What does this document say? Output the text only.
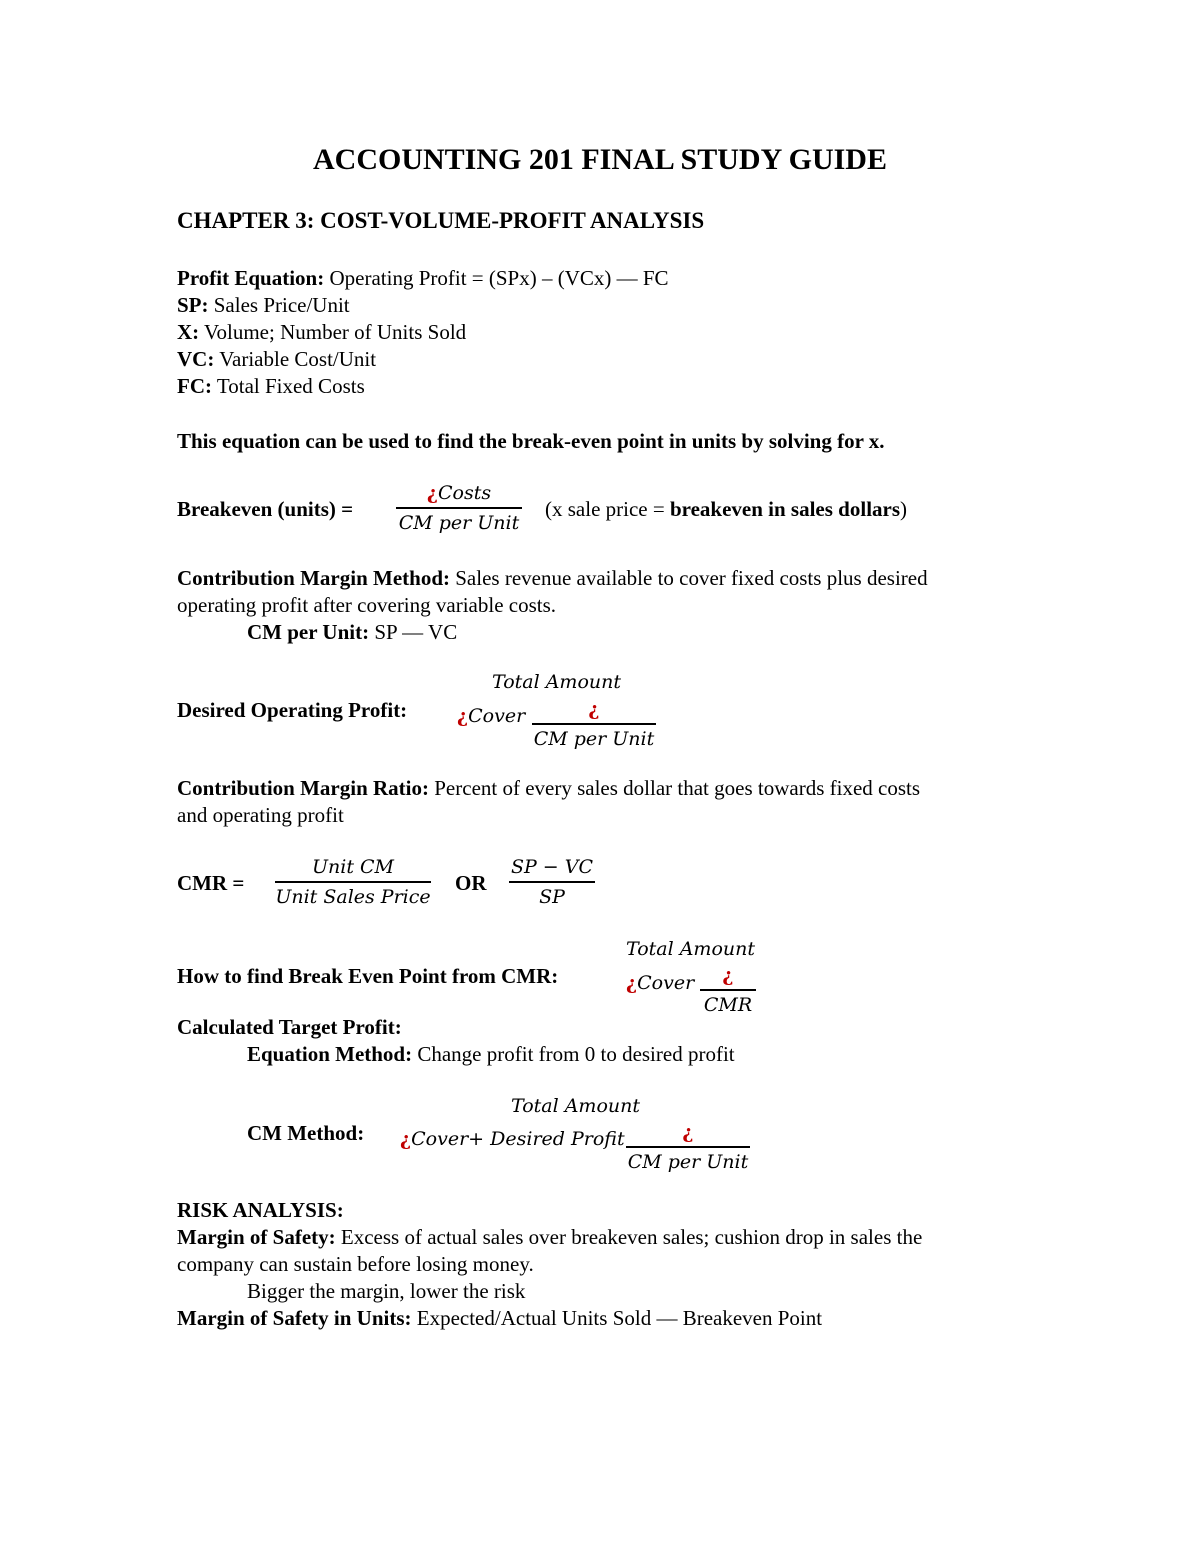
ACCOUNTING 201 FINAL STUDY GUIDE
CHAPTER 3: COST-VOLUME-PROFIT ANALYSIS
Profit Equation: Operating Profit = (SPx) – (VCx) — FC
SP: Sales Price/Unit
X: Volume; Number of Units Sold
VC: Variable Cost/Unit
FC: Total Fixed Costs
This equation can be used to find the break-even point in units by solving for x.
Breakeven (units) =
¿Costs
CM per Unit
(x sale price = breakeven in sales dollars)
Contribution Margin Method: Sales revenue available to cover fixed costs plus desired
operating profit after covering variable costs.
CM per Unit: SP — VC
Desired Operating Profit:
Total Amount
¿Cover	¿
CM per Unit
Contribution Margin Ratio: Percent of every sales dollar that goes towards fixed costs
and operating profit
CMR =
Unit CM
Unit Sales Price
OR
SP − VC
SP
How to find Break Even Point from CMR:
Total Amount
¿Cover ¿
CMR
Calculated Target Profit:
Equation Method: Change profit from 0 to desired profit
CM Method:
Total Amount
¿Cover+ Desired Profit	¿
CM per Unit
RISK ANALYSIS:
Margin of Safety: Excess of actual sales over breakeven sales; cushion drop in sales the
company can sustain before losing money.
Bigger the margin, lower the risk
Margin of Safety in Units: Expected/Actual Units Sold — Breakeven Point
